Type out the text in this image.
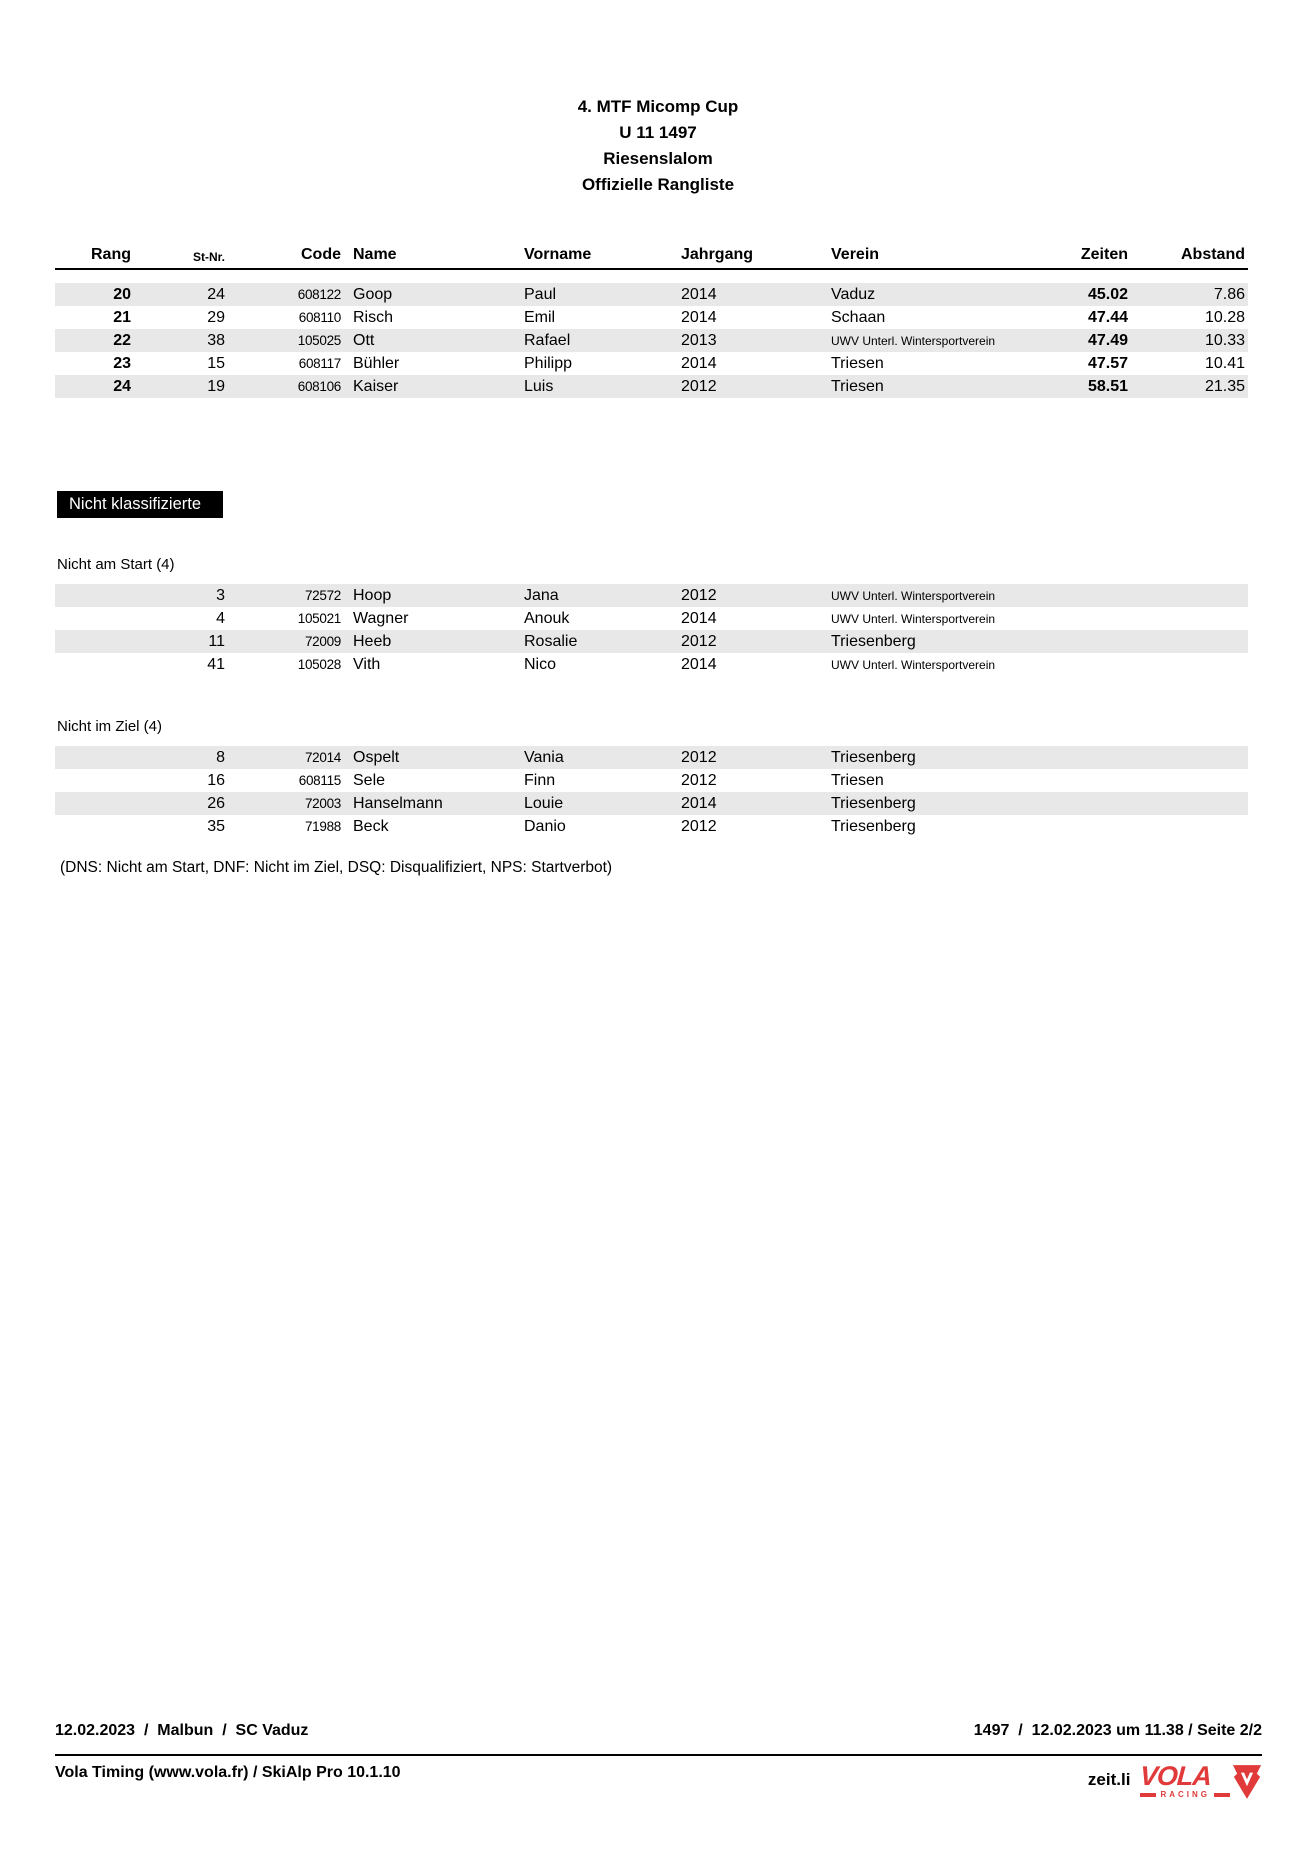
4. MTF Micomp Cup
U 11 1497
Riesenslalom
Offizielle Rangliste
Rang	St-Nr.	Code Name	Vorname	Jahrgang	Verein	Zeiten	Abstand
20	24	608122 Goop	Paul	2014	Vaduz	45.02	7.86
21	29	608110 Risch	Emil	2014	Schaan	47.44	10.28
22	38	105025 Ott	Rafael	2013	UWV Unterl. Wintersportverein	47.49	10.33
23	15	608117 Bühler	Philipp	2014	Triesen	47.57	10.41
24	19	608106 Kaiser	Luis	2012	Triesen	58.51	21.35
Nicht klassifizierte
Nicht am Start (4)
3	72572 Hoop	Jana	2012	UWV Unterl. Wintersportverein
4	105021 Wagner	Anouk	2014	UWV Unterl. Wintersportverein
11	72009 Heeb	Rosalie	2012	Triesenberg
41	105028 Vith	Nico	2014	UWV Unterl. Wintersportverein
Nicht im Ziel (4)
8	72014 Ospelt	Vania	2012	Triesenberg
16	608115 Sele	Finn	2012	Triesen
26	72003 Hanselmann	Louie	2014	Triesenberg
35	71988 Beck	Danio	2012	Triesenberg
(DNS: Nicht am Start, DNF: Nicht im Ziel, DSQ: Disqualifiziert, NPS: Startverbot)
12.02.2023  /  Malbun  /  SC Vaduz	1497  /  12.02.2023 um 11.38 / Seite 2/2
Vola Timing (www.vola.fr) / SkiAlp Pro 10.1.10	zeit.li VOLA
RACING
